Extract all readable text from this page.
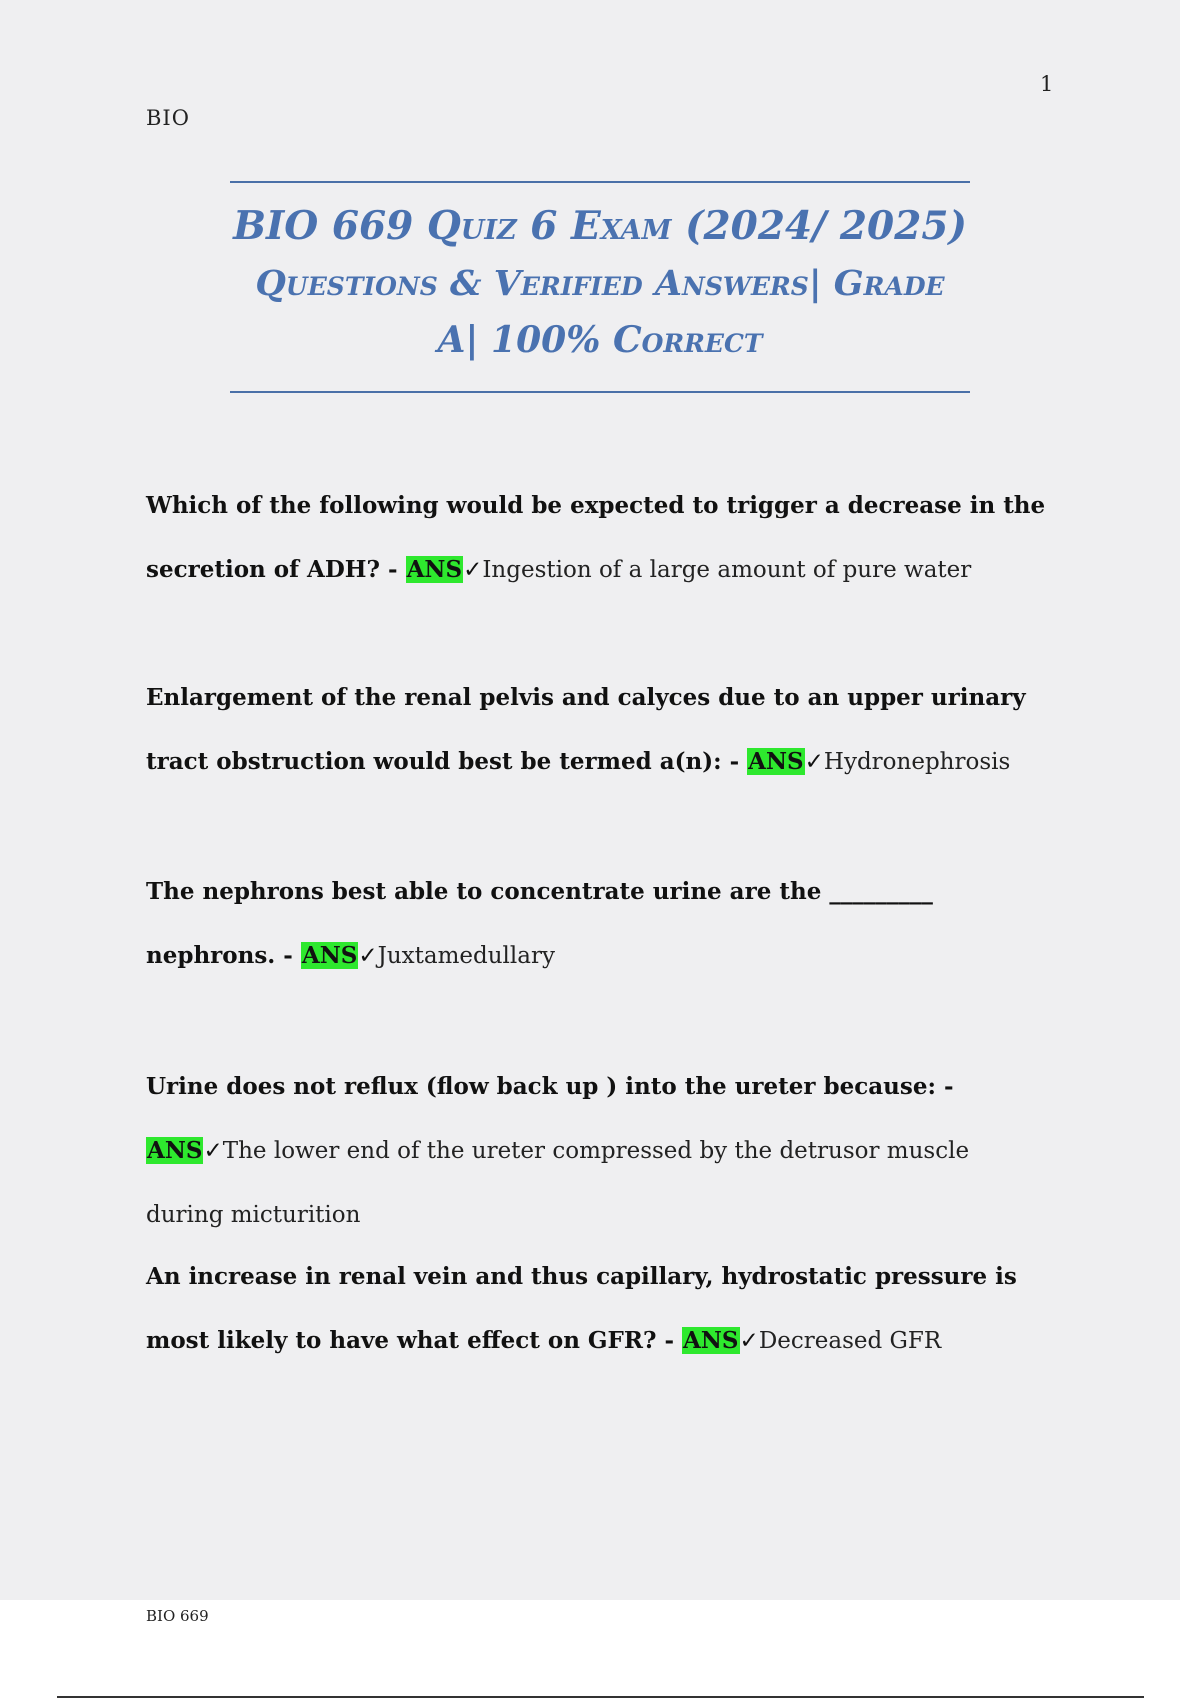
1
BIO
BIO 669 Quiz 6 Exam (2024/ 2025)
Questions & Verified Answers| Grade
A| 100% Correct
Which of the following would be expected to trigger a decrease in the secretion of ADH? - ANS✓Ingestion of a large amount of pure water
Enlargement of the renal pelvis and calyces due to an upper urinary tract obstruction would best be termed a(n): - ANS✓Hydronephrosis
The nephrons best able to concentrate urine are the _________ nephrons. - ANS✓Juxtamedullary
Urine does not reflux (flow back up ) into the ureter because: - ANS✓The lower end of the ureter compressed by the detrusor muscle during micturition
An increase in renal vein and thus capillary, hydrostatic pressure is most likely to have what effect on GFR? - ANS✓Decreased GFR
BIO 669
